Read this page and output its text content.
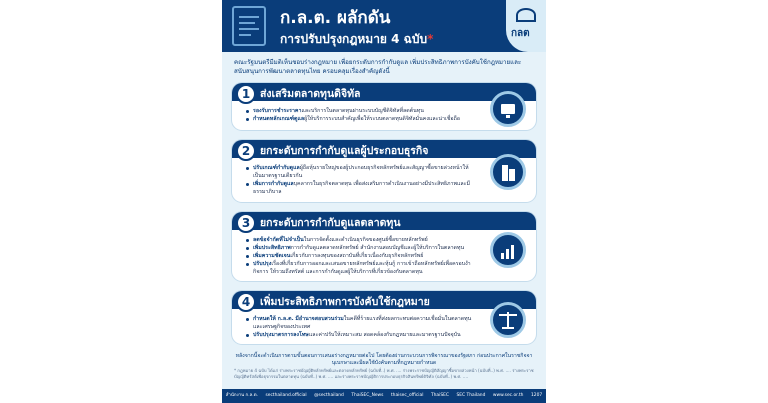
ก.ล.ต. ผลักดัน
การปรับปรุงกฎหมาย 4 ฉบับ*	กลต
คณะรัฐมนตรีมีมติเห็นชอบร่างกฎหมาย เพื่อยกระดับการกำกับดูแล เพิ่มประสิทธิภาพการบังคับใช้กฎหมายและสนับสนุนการพัฒนาตลาดทุนไทย ครอบคลุมเรื่องสำคัญดังนี้
1 ส่งเสริมตลาดทุนดิจิทัล
รองรับการชำระราคาและบริการในตลาดทุนผ่านระบบบัญชีดิจิทัลที่ลดต้นทุน
กำหนดหลักเกณฑ์ดูแลผู้ให้บริการระบบสำคัญเพื่อให้ระบบตลาดทุนดิจิทัลมั่นคงและน่าเชื่อถือ
2 ยกระดับการกำกับดูแลผู้ประกอบธุรกิจ
ปรับเกณฑ์กำกับดูแลผู้ถือหุ้นรายใหญ่ของผู้ประกอบธุรกิจหลักทรัพย์และสัญญาซื้อขายล่วงหน้าให้เป็นมาตรฐานเดียวกัน
เพิ่มการกำกับดูแลบุคลากรในธุรกิจตลาดทุน เพื่อส่งเสริมการดำเนินงานอย่างมีประสิทธิภาพและมีธรรมาภิบาล
3 ยกระดับการกำกับดูแลตลาดทุน
ลดข้อจำกัดที่ไม่จำเป็นในการจัดตั้งและดำเนินธุรกิจของศูนย์ซื้อขายหลักทรัพย์
เพิ่มประสิทธิภาพการกำกับดูแลตลาดหลักทรัพย์ สำนักงานสอบบัญชีและผู้ให้บริการในตลาดทุน
เพิ่มความชัดเจนเกี่ยวกับการลงทุนของสถาบันที่เกี่ยวเนื่องกับธุรกิจหลักทรัพย์
ปรับปรุงเรื่องที่เกี่ยวกับการออกและเสนอขายหลักทรัพย์และหุ้นกู้ การเข้าถือหลักทรัพย์เพื่อครอบงำกิจการ ให้รวมถึงทรัสต์ และการกำกับดูแลผู้ให้บริการที่เกี่ยวข้องกับตลาดทุน
4 เพิ่มประสิทธิภาพการบังคับใช้กฎหมาย
กำหนดให้ ก.ล.ต. มีอำนาจสอบสวนร่วมในคดีที่ร้ายแรงที่ส่งผลกระทบต่อความเชื่อมั่นในตลาดทุนและเศรษฐกิจของประเทศ
ปรับปรุงมาตรการลงโทษและค่าปรับให้เหมาะสม สอดคล้องกับกฎหมายและมาตรฐานปัจจุบัน
หลังจากนี้จะดำเนินการตามขั้นตอนการเสนอร่างกฎหมายต่อไป โดยต้องผ่านกระบวนการพิจารณาของรัฐสภา ก่อนประกาศในราชกิจจานุเบกษาและมีผลใช้บังคับตามที่กฎหมายกำหนด
* กฎหมาย 4 ฉบับ ได้แก่ ร่างพระราชบัญญัติหลักทรัพย์และตลาดหลักทรัพย์ (ฉบับที่..) พ.ศ. .... ร่างพระราชบัญญัติสัญญาซื้อขายล่วงหน้า (ฉบับที่..) พ.ศ. .... ร่างพระราชบัญญัติทรัสต์เพื่อธุรกรรมในตลาดทุน (ฉบับที่..) พ.ศ. .... และร่างพระราชบัญญัติการประกอบธุรกิจสินทรัพย์ดิจิทัล (ฉบับที่..) พ.ศ. ....
สำนักงาน ก.ล.ต. secthailand.official @secthailand ThaiSEC_News thaisec_official ThaiSEC SEC Thailand www.sec.or.th 1207
